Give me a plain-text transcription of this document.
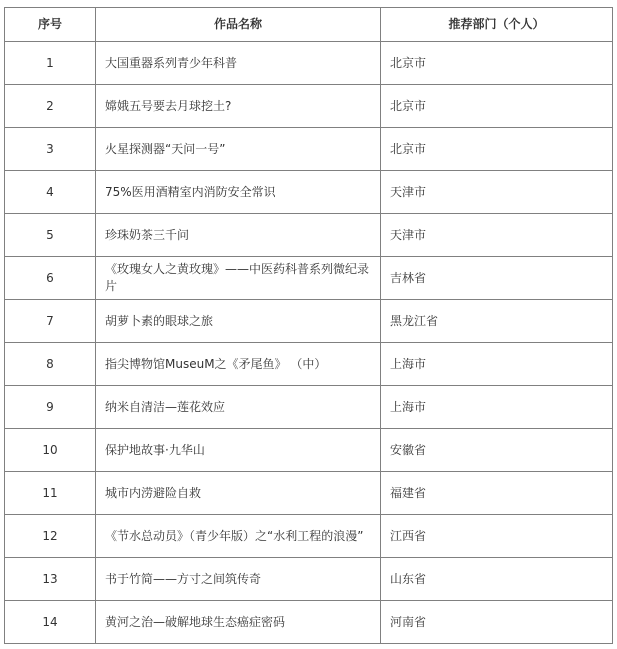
序号	作品名称	推荐部门（个人）
1	大国重器系列青少年科普	北京市
2	嫦娥五号要去月球挖土?	北京市
3	火星探测器“天问一号”	北京市
4	75%医用酒精室内消防安全常识	天津市
5	珍珠奶茶三千问	天津市
6	《玫瑰女人之黄玫瑰》——中医药科普系列微纪录片	吉林省
7	胡萝卜素的眼球之旅	黑龙江省
8	指尖博物馆MuseuM之《矛尾鱼》 （中）	上海市
9	纳米自清洁—莲花效应	上海市
10	保护地故事·九华山	安徽省
11	城市内涝避险自救	福建省
12	《节水总动员》（青少年版）之“水利工程的浪漫”	江西省
13	书于竹简——方寸之间筑传奇	山东省
14	黄河之治—破解地球生态癌症密码	河南省
